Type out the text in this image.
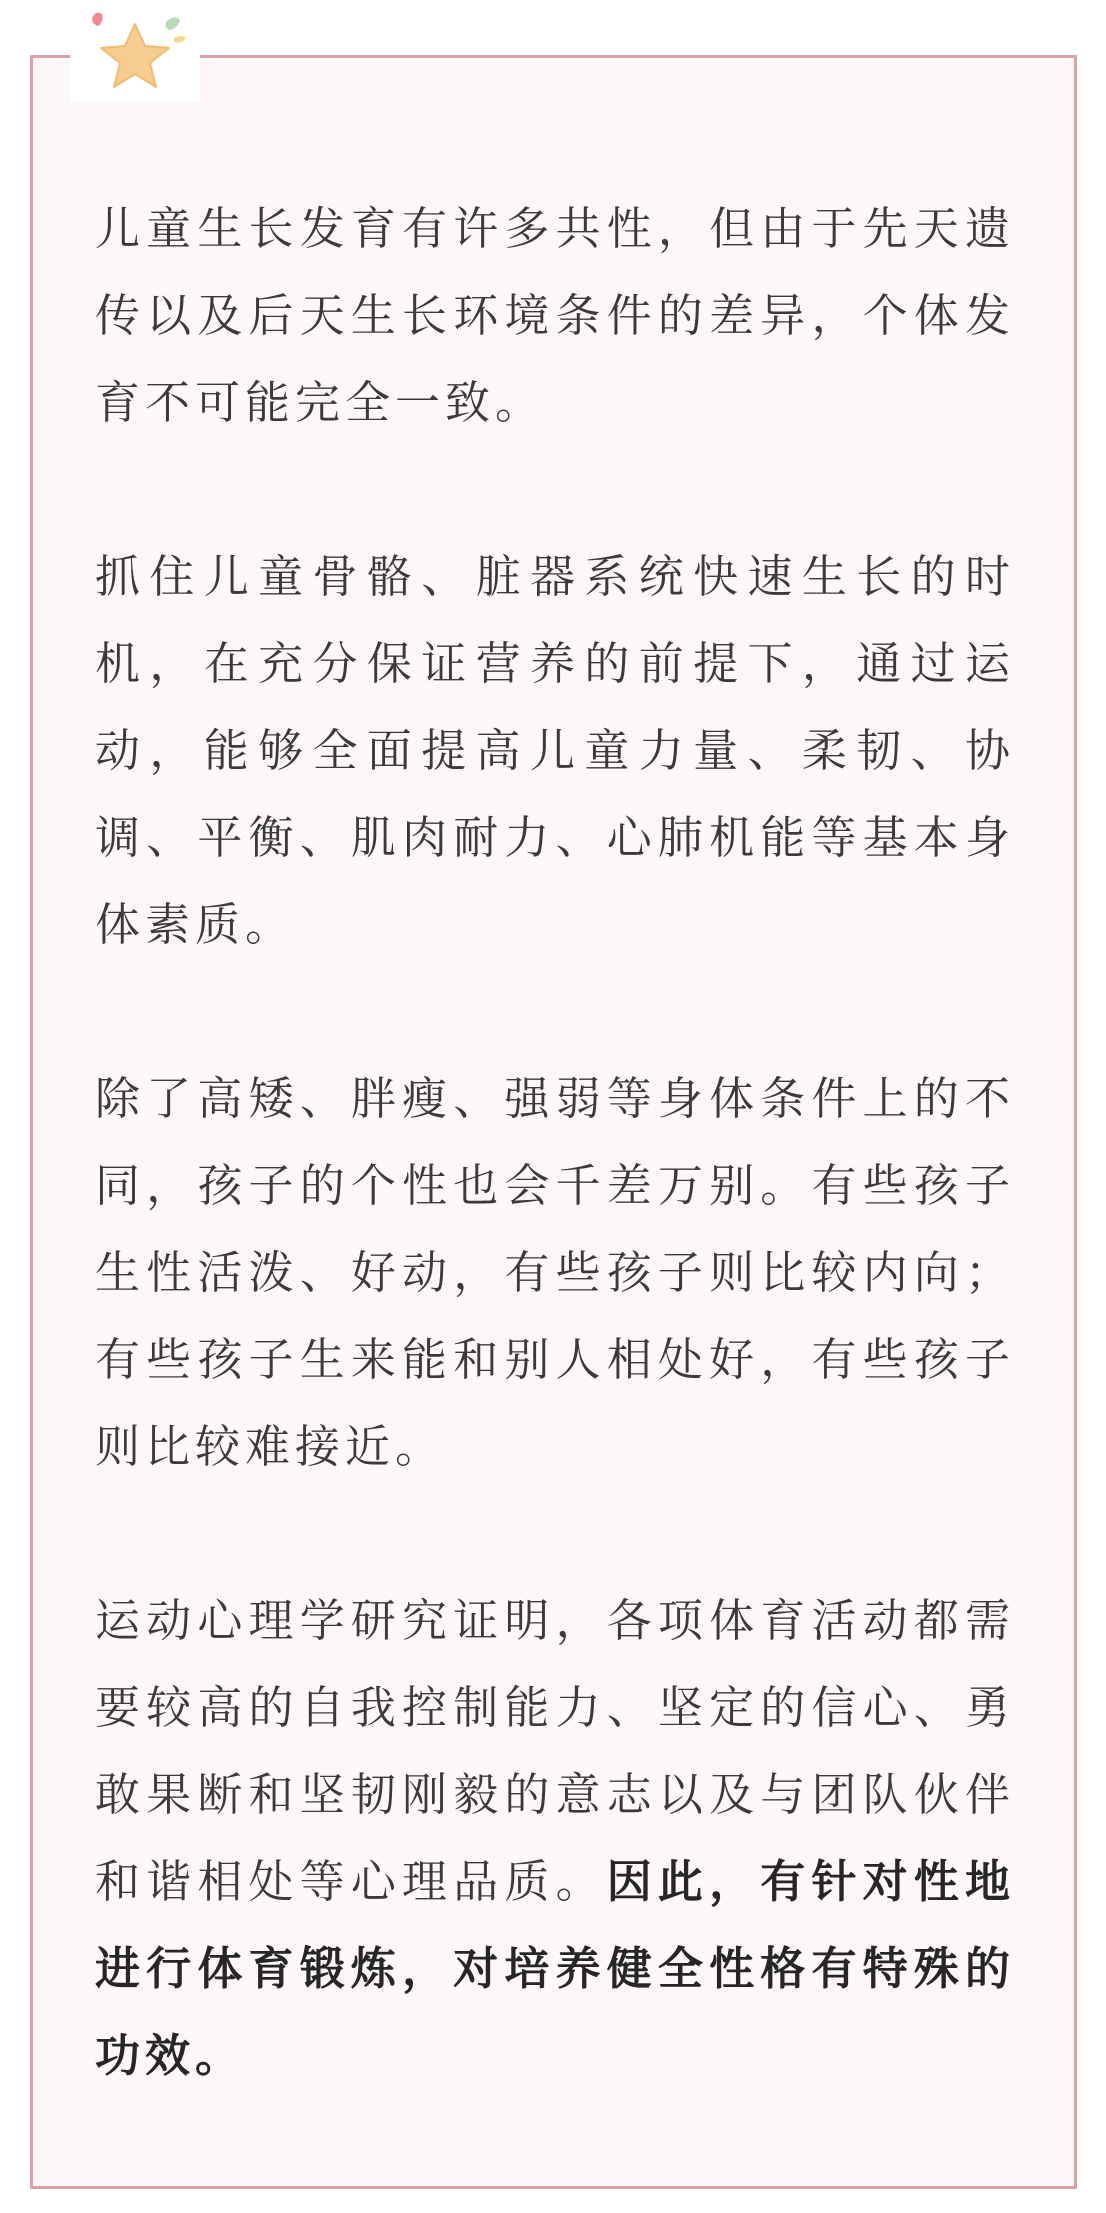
儿童生长发育有许多共性，但由于先天遗传以及后天生长环境条件的差异，个体发育不可能完全一致。

抓住儿童骨骼、脏器系统快速生长的时机，在充分保证营养的前提下，通过运动，能够全面提高儿童力量、柔韧、协调、平衡、肌肉耐力、心肺机能等基本身体素质。

除了高矮、胖瘦、强弱等身体条件上的不同，孩子的个性也会千差万别。有些孩子生性活泼、好动，有些孩子则比较内向；有些孩子生来能和别人相处好，有些孩子则比较难接近。

运动心理学研究证明，各项体育活动都需要较高的自我控制能力、坚定的信心、勇敢果断和坚韧刚毅的意志以及与团队伙伴和谐相处等心理品质。因此，有针对性地进行体育锻炼，对培养健全性格有特殊的功效。
